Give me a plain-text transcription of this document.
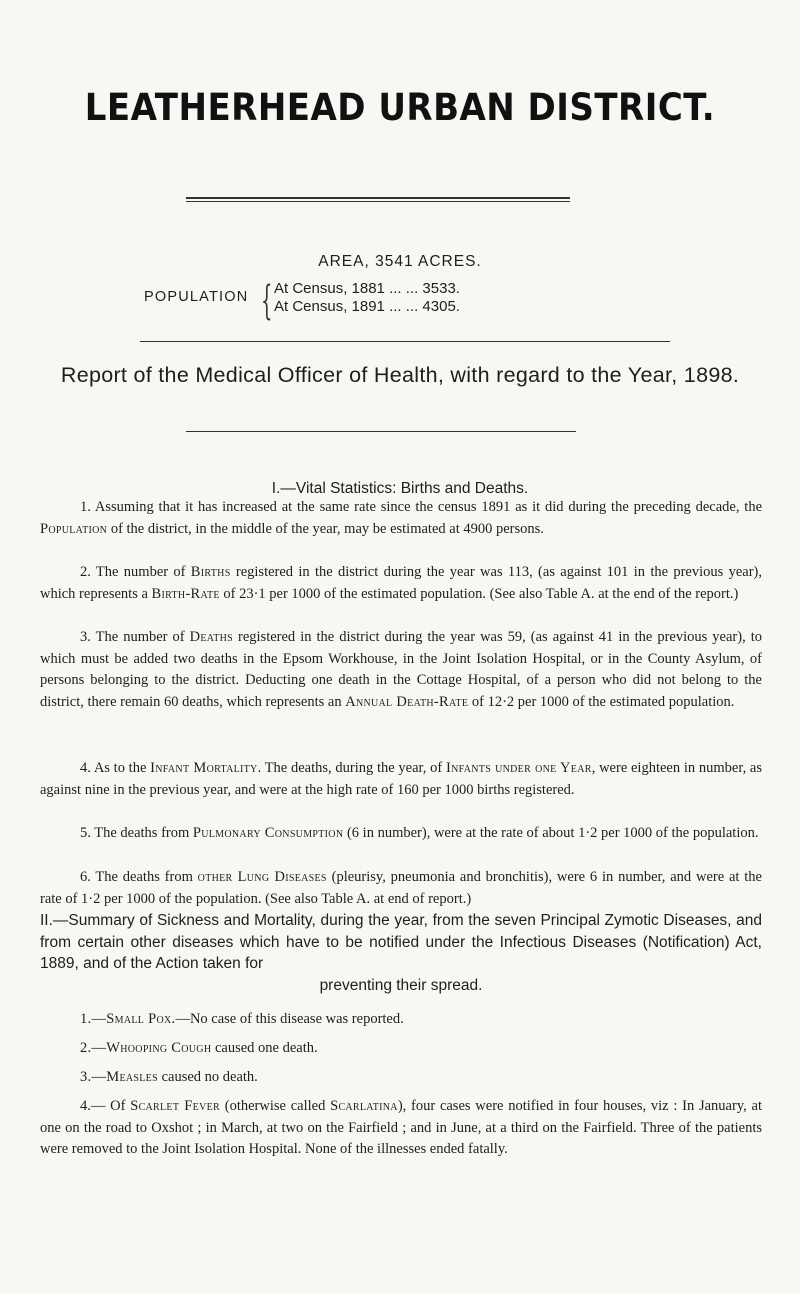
LEATHERHEAD URBAN DISTRICT.
AREA, 3541 ACRES.
POPULATION { At Census, 1881 ... ... 3533.
At Census, 1891 ... ... 4305.
Report of the Medical Officer of Health, with regard to the Year, 1898.
I.—Vital Statistics: Births and Deaths.
1. Assuming that it has increased at the same rate since the census 1891 as it did during the preceding decade, the Population of the district, in the middle of the year, may be estimated at 4900 persons.
2. The number of Births registered in the district during the year was 113, (as against 101 in the previous year), which represents a Birth-Rate of 23·1 per 1000 of the estimated population. (See also Table A. at the end of the report.)
3. The number of Deaths registered in the district during the year was 59, (as against 41 in the previous year), to which must be added two deaths in the Epsom Workhouse, in the Joint Isolation Hospital, or in the County Asylum, of persons belonging to the district. Deducting one death in the Cottage Hospital, of a person who did not belong to the district, there remain 60 deaths, which represents an Annual Death-Rate of 12·2 per 1000 of the estimated population.
4. As to the Infant Mortality. The deaths, during the year, of Infants under one Year, were eighteen in number, as against nine in the previous year, and were at the high rate of 160 per 1000 births registered.
5. The deaths from Pulmonary Consumption (6 in number), were at the rate of about 1·2 per 1000 of the population.
6. The deaths from other Lung Diseases (pleurisy, pneumonia and bronchitis), were 6 in number, and were at the rate of 1·2 per 1000 of the population. (See also Table A. at end of report.)
II.—Summary of Sickness and Mortality, during the year, from the seven Principal Zymotic Diseases, and from certain other diseases which have to be notified under the Infectious Diseases (Notification) Act, 1889, and of the Action taken for
preventing their spread.
1.—Small Pox.—No case of this disease was reported.
2.—Whooping Cough caused one death.
3.—Measles caused no death.
4.— Of Scarlet Fever (otherwise called Scarlatina), four cases were notified in four houses, viz : In January, at one on the road to Oxshot ; in March, at two on the Fairfield ; and in June, at a third on the Fairfield. Three of the patients were removed to the Joint Isolation Hospital. None of the illnesses ended fatally.
